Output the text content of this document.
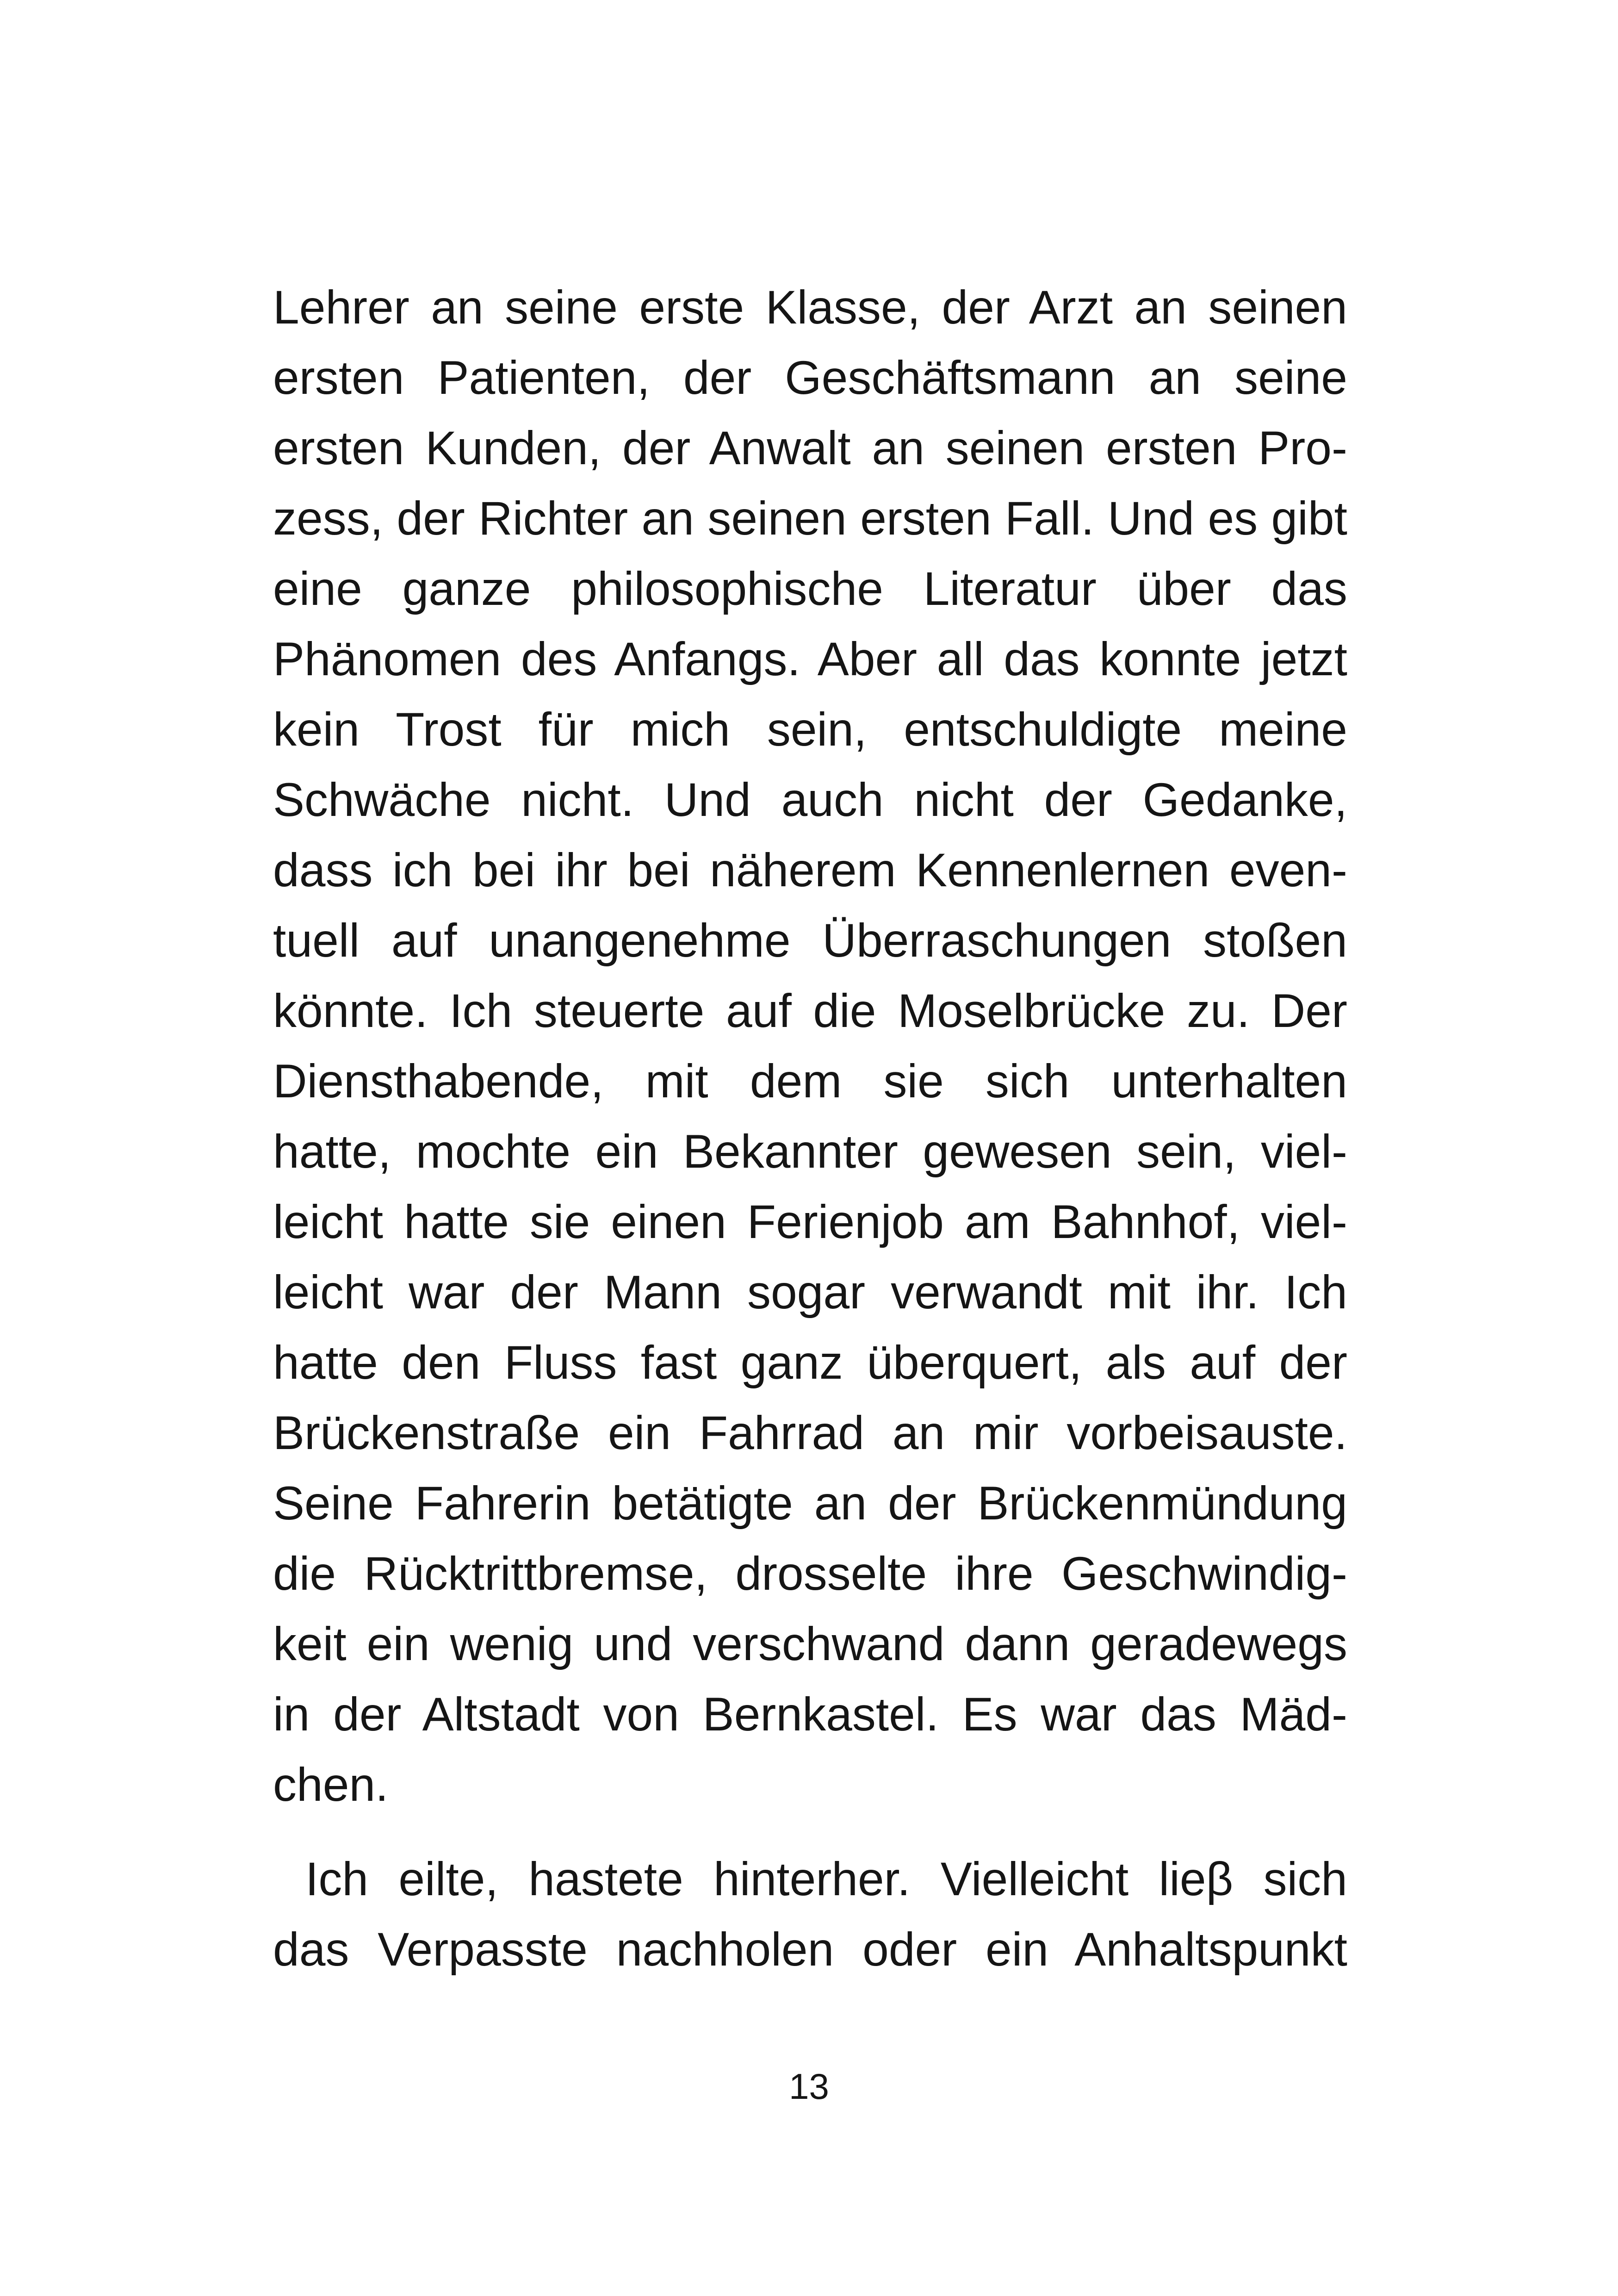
Lehrer an seine erste Klasse, der Arzt an seinen
ersten Patienten, der Geschäftsmann an seine
ersten Kunden, der Anwalt an seinen ersten Pro-
zess, der Richter an seinen ersten Fall. Und es gibt
eine ganze philosophische Literatur über das
Phänomen des Anfangs. Aber all das konnte jetzt
kein Trost für mich sein, entschuldigte meine
Schwäche nicht. Und auch nicht der Gedanke,
dass ich bei ihr bei näherem Kennenlernen even-
tuell auf unangenehme Überraschungen stoßen
könnte. Ich steuerte auf die Moselbrücke zu. Der
Diensthabende, mit dem sie sich unterhalten
hatte, mochte ein Bekannter gewesen sein, viel-
leicht hatte sie einen Ferienjob am Bahnhof, viel-
leicht war der Mann sogar verwandt mit ihr. Ich
hatte den Fluss fast ganz überquert, als auf der
Brückenstraße ein Fahrrad an mir vorbeisauste.
Seine Fahrerin betätigte an der Brückenmündung
die Rücktrittbremse, drosselte ihre Geschwindig-
keit ein wenig und verschwand dann geradewegs
in der Altstadt von Bernkastel. Es war das Mäd-
chen.
Ich eilte, hastete hinterher. Vielleicht lieβ sich
das Verpasste nachholen oder ein Anhaltspunkt
13
